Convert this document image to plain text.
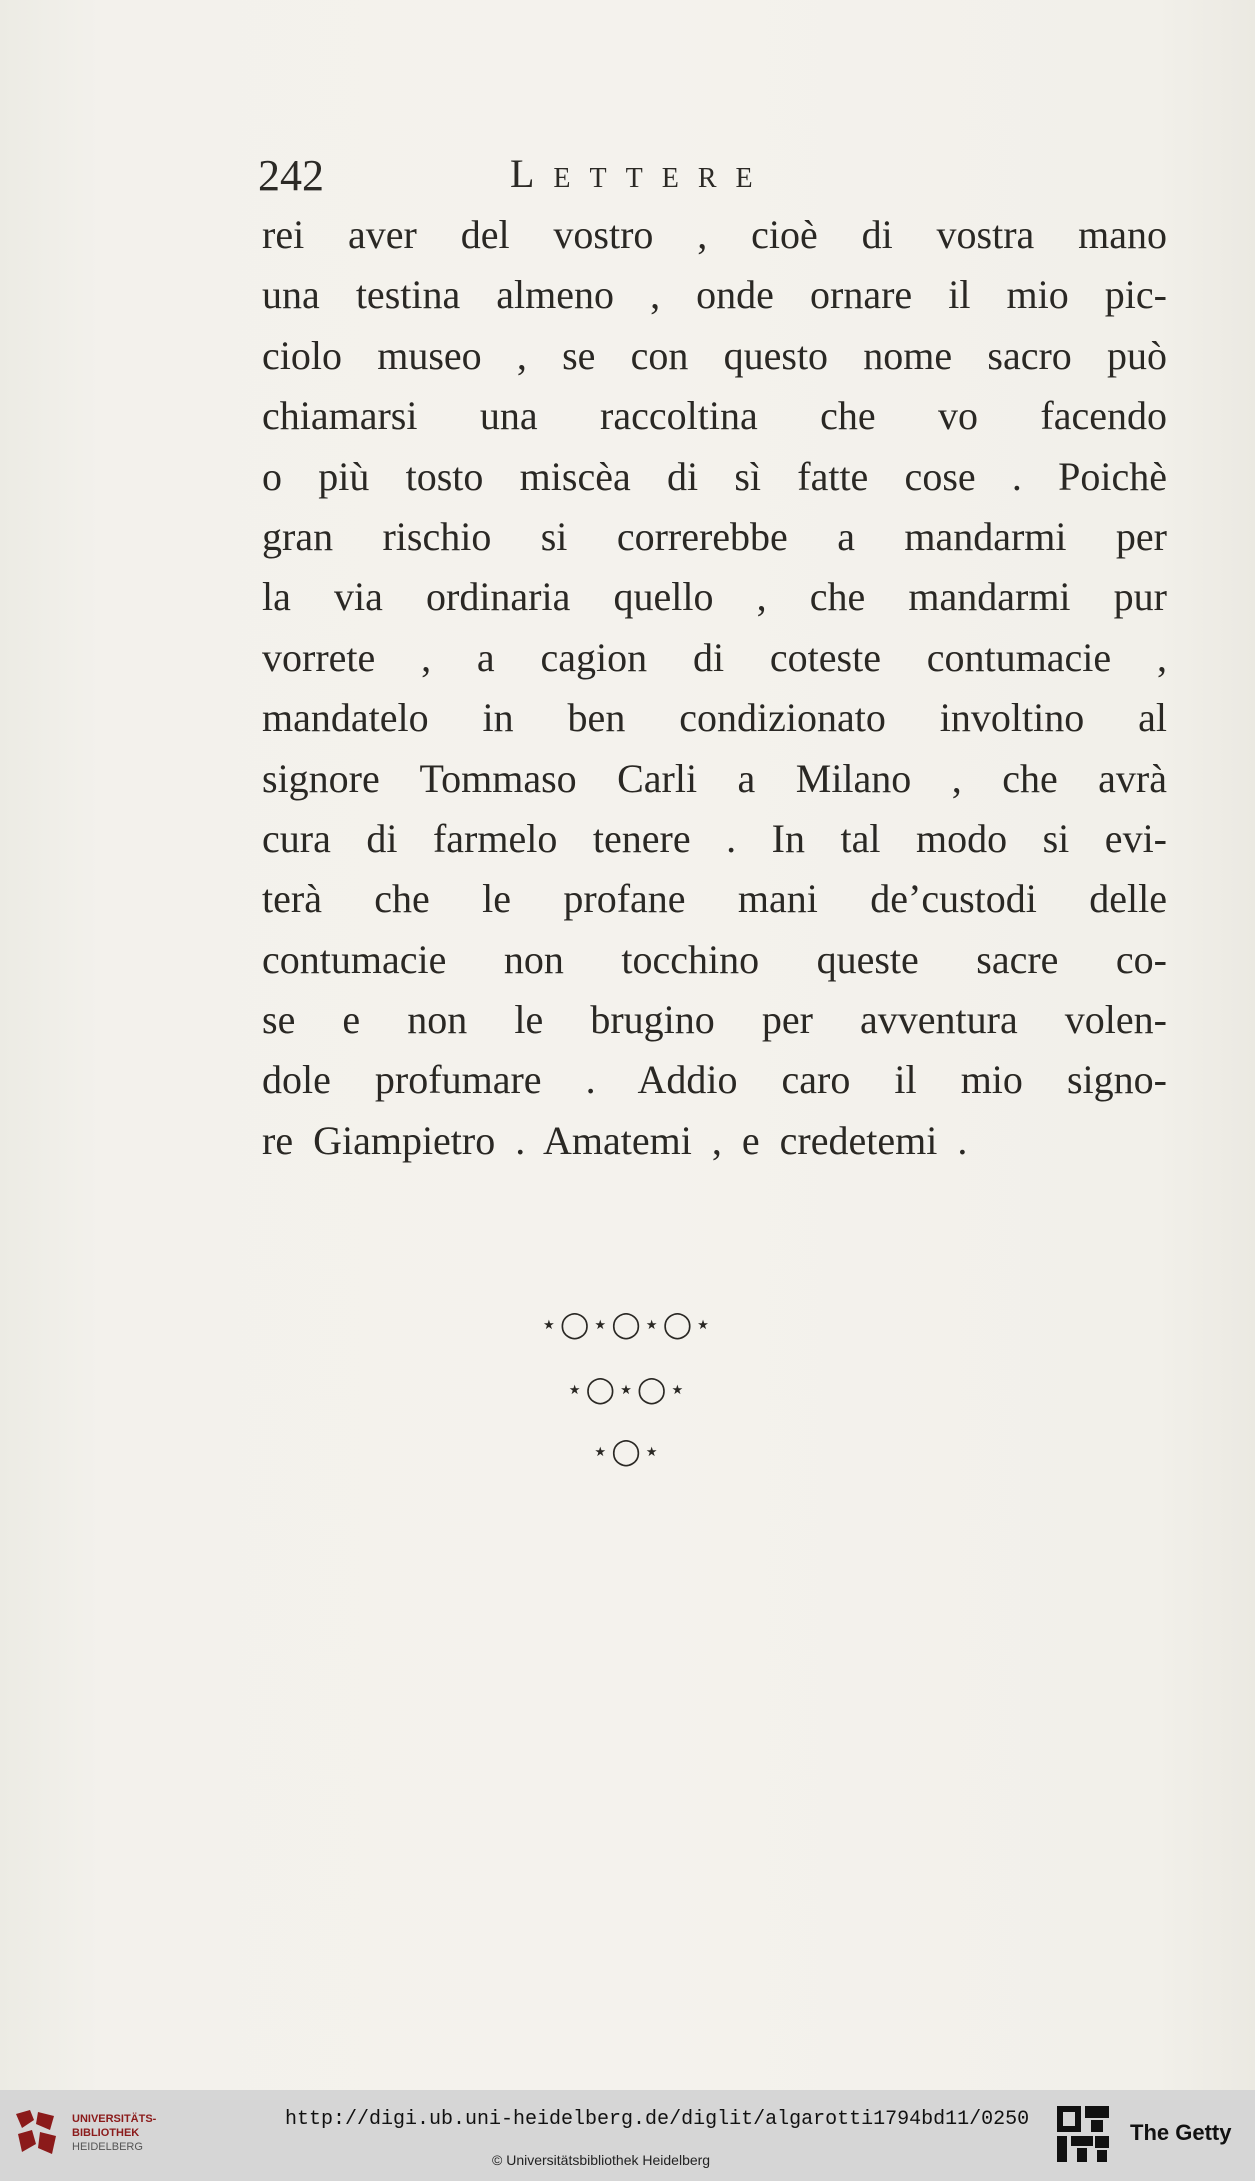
242	Lettere
rei aver del vostro , cioè di vostra mano
una testina almeno , onde ornare il mio pic-
ciolo museo , se con questo nome sacro può
chiamarsi una raccoltina che vo facendo
o più tosto miscèa di sì fatte cose . Poichè
gran rischio si correrebbe a mandarmi per
la via ordinaria quello , che mandarmi pur
vorrete , a cagion di coteste contumacie ,
mandatelo in ben condizionato involtino al
signore Tommaso Carli a Milano , che avrà
cura di farmelo tenere . In tal modo si evi-
terà che le profane mani de’custodi delle
contumacie non tocchino queste sacre co-
se e non le brugino per avventura volen-
dole profumare . Addio caro il mio signo-
re Giampietro . Amatemi , e credetemi .
⋆◯⋆◯⋆◯⋆
⋆◯⋆◯⋆
⋆◯⋆
UNIVERSITÄTS-
BIBLIOTHEK
HEIDELBERG
http://digi.ub.uni-heidelberg.de/diglit/algarotti1794bd11/0250
© Universitätsbibliothek Heidelberg
The Getty
